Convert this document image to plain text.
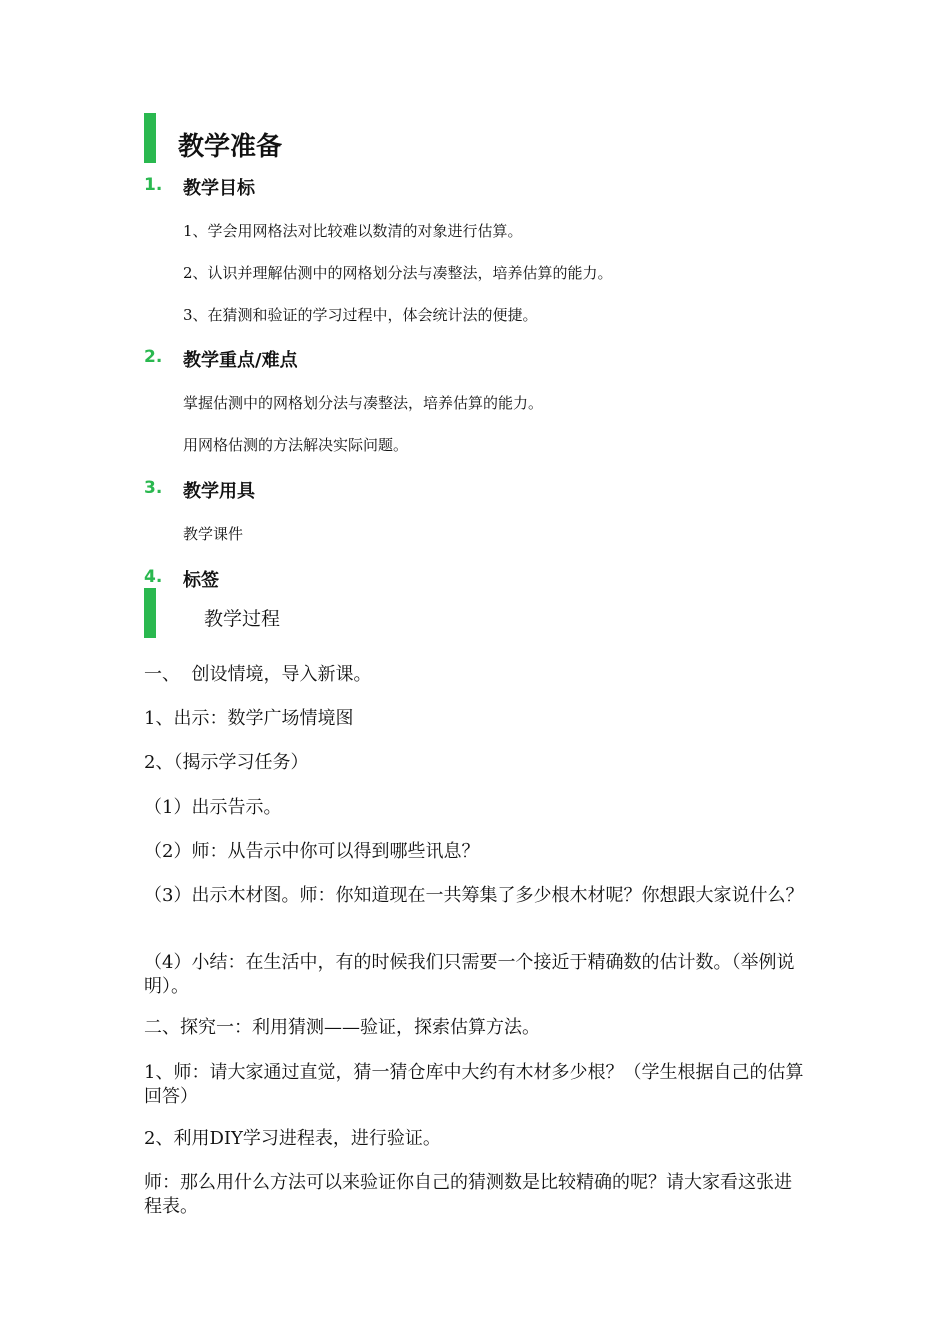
教学准备
1. 教学目标
1、学会用网格法对比较难以数清的对象进行估算。
2、认识并理解估测中的网格划分法与凑整法，培养估算的能力。
3、在猜测和验证的学习过程中，体会统计法的便捷。
2. 教学重点/难点
掌握估测中的网格划分法与凑整法，培养估算的能力。
用网格估测的方法解决实际问题。
3. 教学用具
教学课件
4. 标签
教学过程
一、  创设情境，导入新课。
1、出示：数学广场情境图
2、（揭示学习任务）
（1）出示告示。
（2）师：从告示中你可以得到哪些讯息？
（3）出示木材图。师：你知道现在一共筹集了多少根木材呢？你想跟大家说什么？
（4）小结：在生活中，有的时候我们只需要一个接近于精确数的估计数。（举例说明）。
二、探究一：利用猜测——验证，探索估算方法。
1、师：请大家通过直觉，猜一猜仓库中大约有木材多少根？（学生根据自己的估算回答）
2、利用DIY学习进程表，进行验证。
师：那么用什么方法可以来验证你自己的猜测数是比较精确的呢？请大家看这张进程表。
